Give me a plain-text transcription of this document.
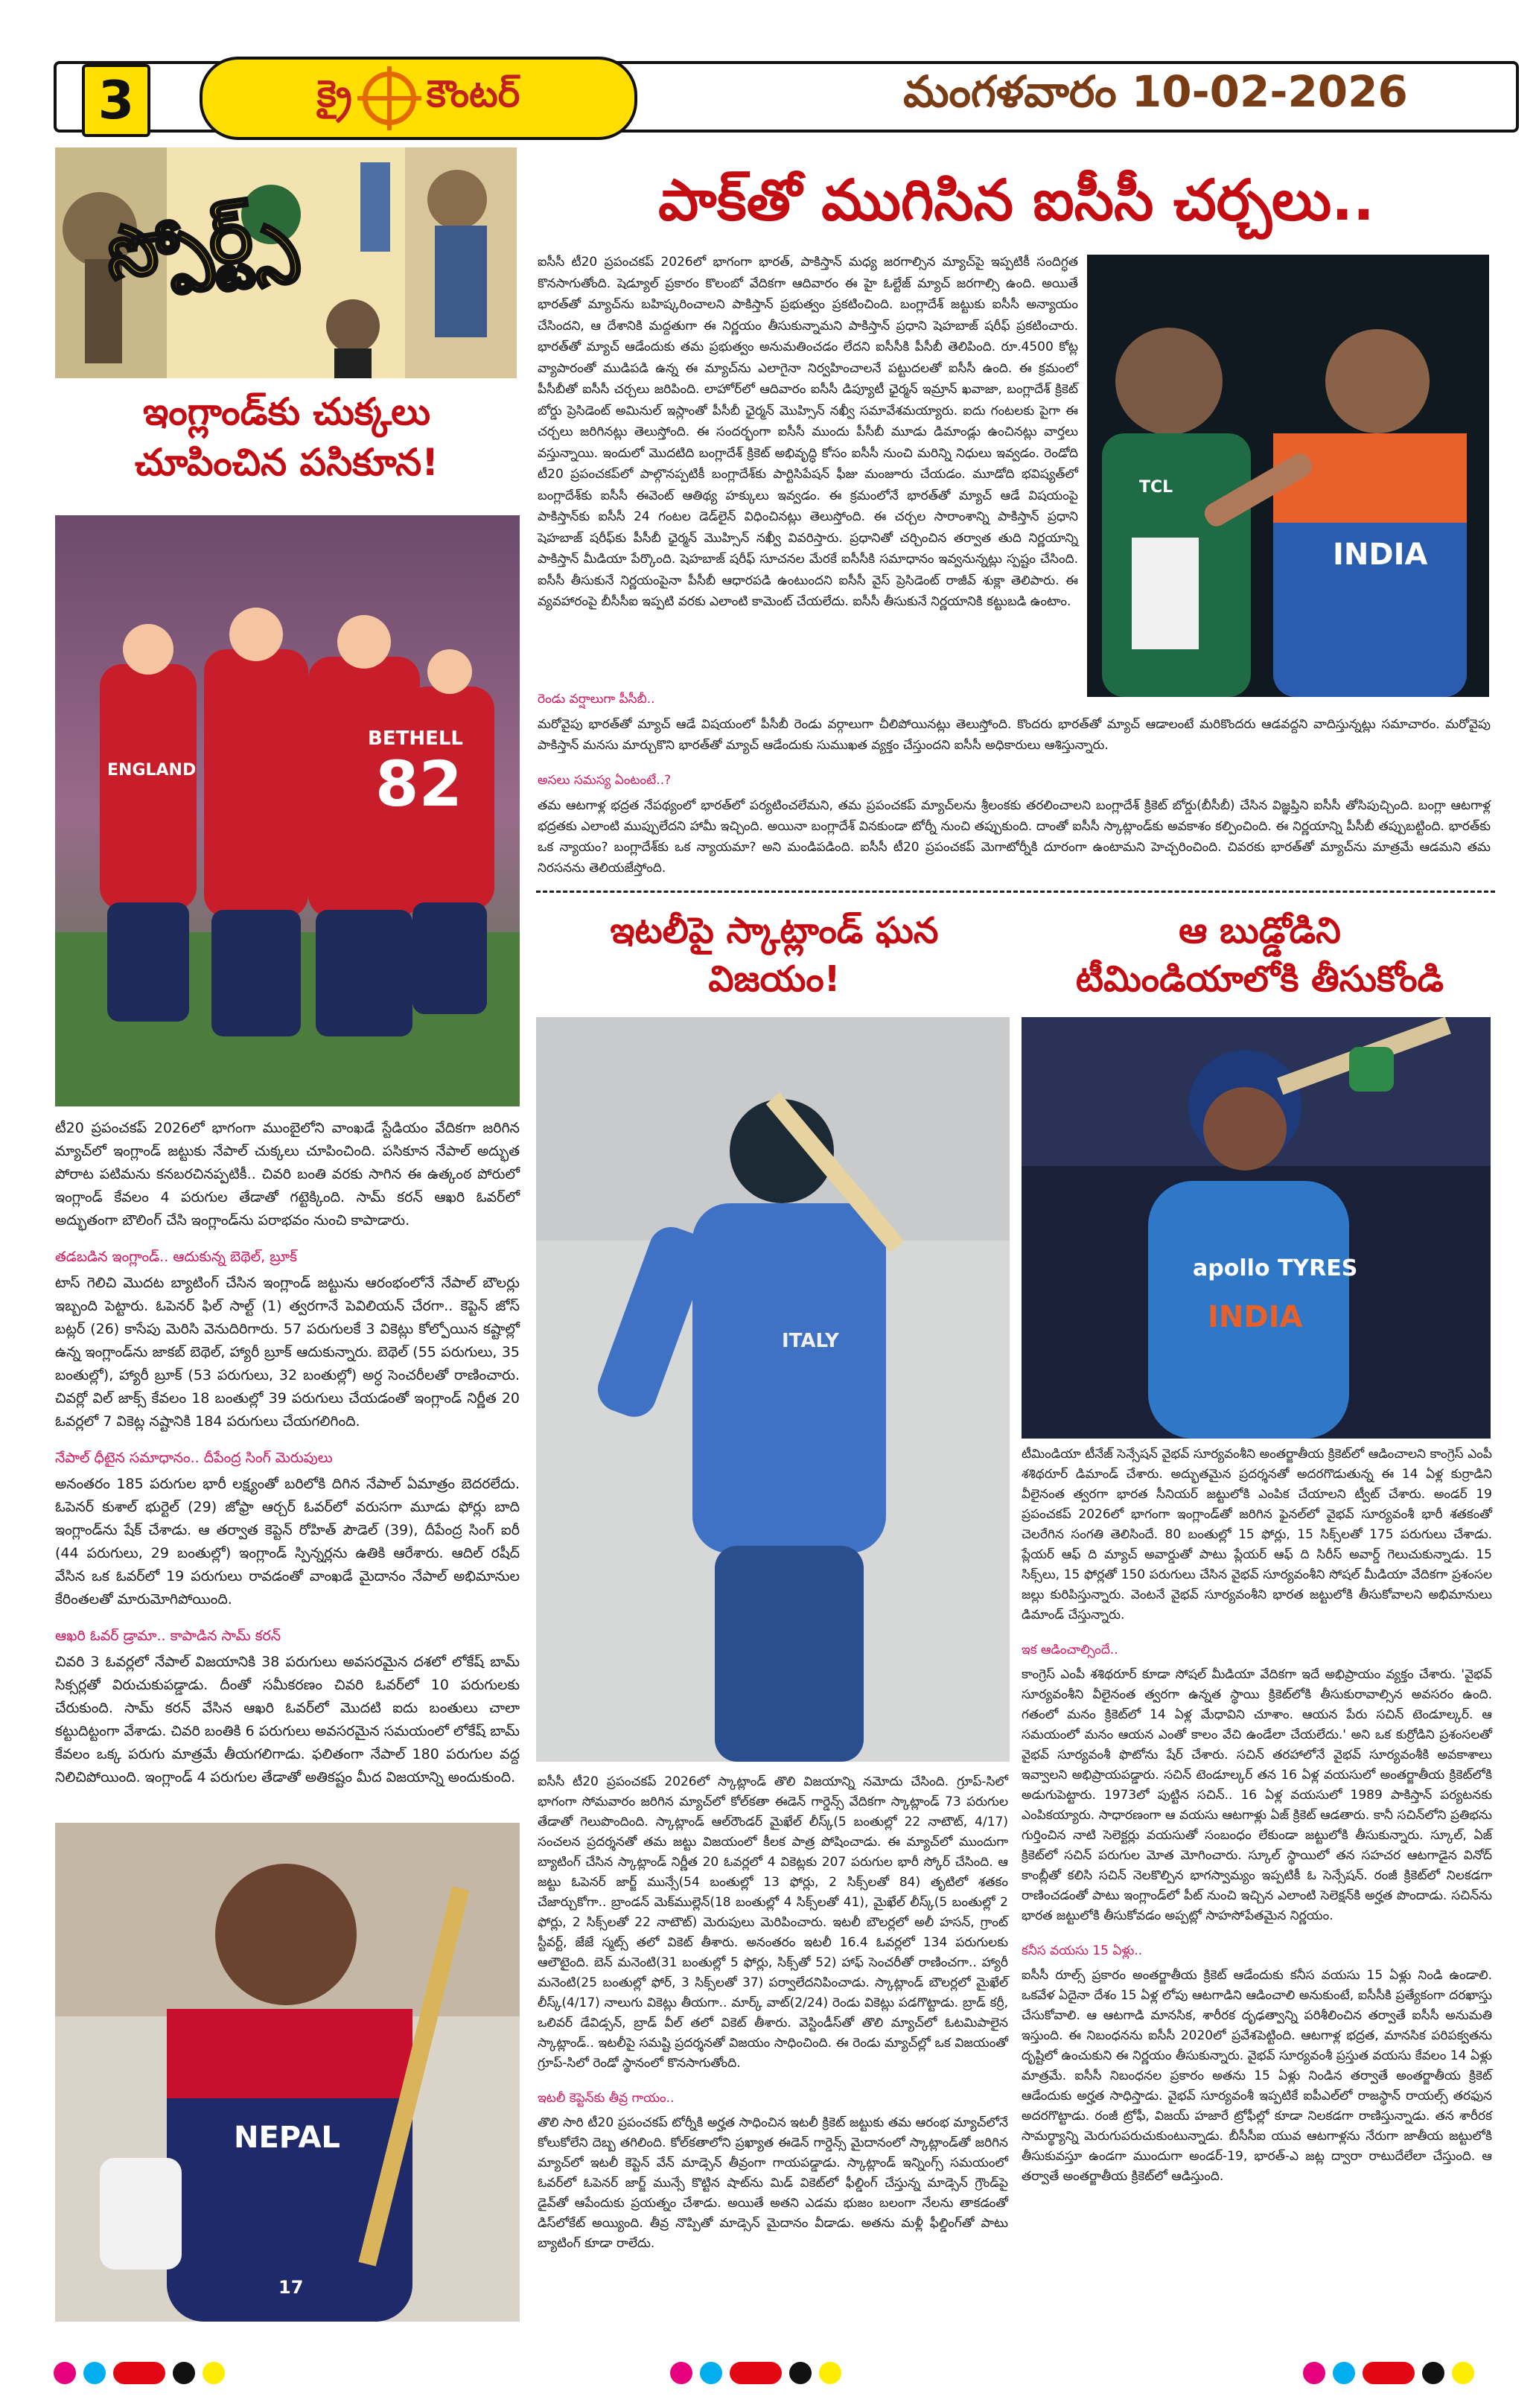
3	క్రై కౌంటర్	మంగళవారం 10-02-2026
స్పోర్ట్స్
ఇంగ్లాండ్‌కు చుక్కలు
చూపించిన పసికూన!
BETHELL
82
ENGLAND

టీ20 ప్రపంచకప్‌ 2026లో భాగంగా ముంబైలోని వాంఖడే స్టేడియం వేదికగా జరిగిన మ్యాచ్‌లో ఇంగ్లాండ్‌ జట్టుకు నేపాల్‌ చుక్కలు చూపించింది. పసికూన నేపాల్‌ అద్భుత పోరాట పటిమను కనబరచినప్పటికీ.. చివరి బంతి వరకు సాగిన ఈ ఉత్కంఠ పోరులో ఇంగ్లాండ్‌ కేవలం 4 పరుగుల తేడాతో గట్టెక్కింది. సామ్‌ కరన్‌ ఆఖరి ఓవర్‌లో అద్భుతంగా బౌలింగ్‌ చేసి ఇంగ్లాండ్‌ను పరాభవం నుంచి కాపాడారు.

తడబడిన ఇంగ్లాండ్‌.. ఆదుకున్న బెథెల్‌, బ్రూక్‌

టాస్‌ గెలిచి మొదట బ్యాటింగ్‌ చేసిన ఇంగ్లాండ్‌ జట్టును ఆరంభంలోనే నేపాల్‌ బౌలర్లు ఇబ్బంది పెట్టారు. ఓపెనర్‌ ఫిల్‌ సాల్ట్‌ (1) త్వరగానే పెవిలియన్ చేరగా.. కెప్టెన్‌ జోస్‌ బట్లర్‌ (26) కాసేపు మెరిసి వెనుదిరిగారు. 57 పరుగులకే 3 వికెట్లు కోల్పోయిన కష్టాల్లో ఉన్న ఇంగ్లాండ్‌ను జాకబ్‌ బెథెల్‌, హ్యారీ బ్రూక్‌ ఆదుకున్నారు. బెథెల్‌ (55 పరుగులు, 35 బంతుల్లో), హ్యారీ బ్రూక్‌ (53 పరుగులు, 32 బంతుల్లో) అర్ధ సెంచరీలతో రాణించారు. చివర్లో విల్‌ జాక్స్‌ కేవలం 18 బంతుల్లో 39 పరుగులు చేయడంతో ఇంగ్లాండ్‌ నిర్ణీత 20 ఓవర్లలో 7 వికెట్ల నష్టానికి 184 పరుగులు చేయగలిగింది.

నేపాల్‌ ధీటైన సమాధానం.. దీపేంద్ర సింగ్‌ మెరుపులు

అనంతరం 185 పరుగుల భారీ లక్ష్యంతో బరిలోకి దిగిన నేపాల్‌ ఏమాత్రం బెదరలేదు. ఓపెనర్‌ కుశాల్‌ భుర్టెల్‌ (29) జోఫ్రా ఆర్చర్‌ ఓవర్‌లో వరుసగా మూడు ఫోర్లు బాది ఇంగ్లాండ్‌ను షేక్‌ చేశాడు. ఆ తర్వాత కెప్టెన్‌ రోహిత్‌ పౌడెల్‌ (39), దీపేంద్ర సింగ్‌ ఐరీ (44 పరుగులు, 29 బంతుల్లో) ఇంగ్లాండ్‌ స్పిన్నర్లను ఉతికి ఆరేశారు. ఆదిల్‌ రషీద్‌ వేసిన ఒక ఓవర్‌లో 19 పరుగులు రావడంతో వాంఖడే మైదానం నేపాల్‌ అభిమానుల కేరింతలతో మారుమోగిపోయింది.

ఆఖరి ఓవర్‌ డ్రామా.. కాపాడిన సామ్‌ కరన్‌

చివరి 3 ఓవర్లలో నేపాల్‌ విజయానికి 38 పరుగులు అవసరమైన దశలో లోకేష్‌ బామ్‌ సిక్సర్లతో విరుచుకుపడ్డాడు. దీంతో సమీకరణం చివరి ఓవర్‌లో 10 పరుగులకు చేరుకుంది. సామ్‌ కరన్‌ వేసిన ఆఖరి ఓవర్‌లో మొదటి ఐదు బంతులు చాలా కట్టుదిట్టంగా వేశాడు. చివరి బంతికి 6 పరుగులు అవసరమైన సమయంలో లోకేష్‌ బామ్‌ కేవలం ఒక్క పరుగు మాత్రమే తీయగలిగాడు. ఫలితంగా నేపాల్‌ 180 పరుగుల వద్ద నిలిచిపోయింది. ఇంగ్లాండ్‌ 4 పరుగుల తేడాతో అతికష్టం మీద విజయాన్ని అందుకుంది.

NEPAL
17
పాక్‌తో ముగిసిన ఐసీసీ చర్చలు..
ఐసీసీ టీ20 ప్రపంచకప్‌ 2026లో భాగంగా భారత్‌, పాకిస్తాన్‌ మధ్య జరగాల్సిన మ్యాచ్‌పై ఇప్పటికీ సందిగ్ధత కొనసాగుతోంది. షెడ్యూల్‌ ప్రకారం కొలంబో వేదికగా ఆదివారం ఈ హై ఓల్టేజ్‌ మ్యాచ్‌ జరగాల్సి ఉంది. అయితే భారత్‌తో మ్యాచ్‌ను బహిష్కరించాలని పాకిస్తాన్‌ ప్రభుత్వం ప్రకటించింది. బంగ్లాదేశ్‌ జట్టుకు ఐసీసీ అన్యాయం చేసిందని, ఆ దేశానికి మద్దతుగా ఈ నిర్ణయం తీసుకున్నామని పాకిస్తాన్‌ ప్రధాని షెహబాజ్‌ షరీఫ్‌ ప్రకటించారు. భారత్‌తో మ్యాచ్‌ ఆడేందుకు తమ ప్రభుత్వం అనుమతించడం లేదని ఐసీసీకి పీసీబీ తెలిపింది. రూ.4500 కోట్ల వ్యాపారంతో ముడిపడి ఉన్న ఈ మ్యాచ్‌ను ఎలాగైనా నిర్వహించాలనే పట్టుదలతో ఐసీసీ ఉంది. ఈ క్రమంలో పీసీబీతో ఐసీసీ చర్చలు జరిపింది. లాహోర్‌లో ఆదివారం ఐసీసీ డిప్యూటీ ఛైర్మన్‌ ఇమ్రాన్‌ ఖవాజా, బంగ్లాదేశ్‌ క్రికెట్‌ బోర్డు ప్రెసిడెంట్‌ అమినుల్‌ ఇస్లాంతో పీసీబీ ఛైర్మన్‌ మొహ్సిన్‌ నఖ్వీ సమావేశమయ్యారు. ఐదు గంటలకు పైగా ఈ చర్చలు జరిగినట్లు తెలుస్తోంది. ఈ సందర్భంగా ఐసీసీ ముందు పీసీబీ మూడు డిమాండ్లు ఉంచినట్లు వార్తలు వస్తున్నాయి. ఇందులో మొదటిది బంగ్లాదేశ్‌ క్రికెట్‌ అభివృద్ధి కోసం ఐసీసీ నుంచి మరిన్ని నిధులు ఇవ్వడం. రెండోది టీ20 ప్రపంచకప్‌లో పాల్గొనప్పటికీ బంగ్లాదేశ్‌కు పార్టిసిపేషన్‌ ఫీజు మంజూరు చేయడం. మూడోది భవిష్యత్‌లో బంగ్లాదేశ్‌కు ఐసీసీ ఈవెంట్‌ ఆతిథ్య హక్కులు ఇవ్వడం. ఈ క్రమంలోనే భారత్‌తో మ్యాచ్‌ ఆడే విషయంపై పాకిస్తాన్‌కు ఐసీసీ 24 గంటల డెడ్‌లైన్‌ విధించినట్లు తెలుస్తోంది. ఈ చర్చల సారాంశాన్ని పాకిస్తాన్‌ ప్రధాని షెహబాజ్‌ షరీఫ్‌కు పీసీబీ ఛైర్మన్‌ మొహ్సిన్‌ నఖ్వీ వివరిస్తారు. ప్రధానితో చర్చించిన తర్వాత తుది నిర్ణయాన్ని పాకిస్తాన్‌ మీడియా పేర్కొంది. షెహబాజ్‌ షరీఫ్‌ సూచనల మేరకే ఐసీసీకి సమాధానం ఇవ్వనున్నట్లు స్పష్టం చేసింది. ఐసీసీ తీసుకునే నిర్ణయంపైనా పీసీబీ ఆధారపడి ఉంటుందని ఐసీసీ వైస్‌ ప్రెసిడెంట్‌ రాజీవ్‌ శుక్లా తెలిపారు. ఈ వ్యవహారంపై బీసీసీఐ ఇప్పటి వరకు ఎలాంటి కామెంట్‌ చేయలేదు. ఐసీసీ తీసుకునే నిర్ణయానికి కట్టుబడి ఉంటాం.
TCL
INDIA
రెండు వర్షాలుగా పీసీబీ..

మరోవైపు భారత్‌తో మ్యాచ్‌ ఆడే విషయంలో పీసీబీ రెండు వర్గాలుగా చీలిపోయినట్లు తెలుస్తోంది. కొందరు భారత్‌తో మ్యాచ్‌ ఆడాలంటే మరికొందరు ఆడవద్దని వాదిస్తున్నట్లు సమాచారం. మరోవైపు పాకిస్తాన్‌ మనసు మార్చుకొని భారత్‌తో మ్యాచ్‌ ఆడేందుకు సుముఖత వ్యక్తం చేస్తుందని ఐసీసీ అధికారులు ఆశిస్తున్నారు.

అసలు సమస్య ఏంటంటే..?

తమ ఆటగాళ్ల భద్రత నేపథ్యంలో భారత్‌లో పర్యటించలేమని, తమ ప్రపంచకప్‌ మ్యాచ్‌లను శ్రీలంకకు తరలించాలని బంగ్లాదేశ్‌ క్రికెట్‌ బోర్డు(బీసీబీ) చేసిన విజ్ఞప్తిని ఐసీసీ తోసిపుచ్చింది. బంగ్లా ఆటగాళ్ల భద్రతకు ఎలాంటి ముప్పులేదని హామీ ఇచ్చింది. అయినా బంగ్లాదేశ్‌ వినకుండా టోర్నీ నుంచి తప్పుకుంది. దాంతో ఐసీసీ స్కాట్లాండ్‌కు అవకాశం కల్పించింది. ఈ నిర్ణయాన్ని పీసీబీ తప్పుబట్టింది. భారత్‌కు ఒక న్యాయం? బంగ్లాదేశ్‌కు ఒక న్యాయమా? అని మండిపడింది. ఐసీసీ టీ20 ప్రపంచకప్‌ మెగాటోర్నీకి దూరంగా ఉంటామని హెచ్చరించింది. చివరకు భారత్‌తో మ్యాచ్‌ను మాత్రమే ఆడమని తమ నిరసనను తెలియజేస్తోంది.

ఇటలీపై స్కాట్లాండ్‌ ఘన
విజయం!
ITALY

ఐసీసీ టీ20 ప్రపంచకప్‌ 2026లో స్కాట్లాండ్‌ తొలి విజయాన్ని నమోదు చేసింది. గ్రూప్‌-సిలో భాగంగా సోమవారం జరిగిన మ్యాచ్‌లో కోల్‌కతా ఈడెన్‌ గార్డెన్స్‌ వేదికగా స్కాట్లాండ్‌ 73 పరుగుల తేడాతో గెలుపొందింది. స్కాట్లాండ్‌ ఆల్‌రౌండర్‌ మైఖేల్‌ లీస్క్‌(5 బంతుల్లో 22 నాటౌట్‌, 4/17) సంచలన ప్రదర్శనతో తమ జట్టు విజయంలో కీలక పాత్ర పోషించాడు. ఈ మ్యాచ్‌లో ముందుగా బ్యాటింగ్‌ చేసిన స్కాట్లాండ్‌ నిర్ణీత 20 ఓవర్లలో 4 వికెట్లకు 207 పరుగుల భారీ స్కోర్‌ చేసింది. ఆ జట్టు ఓపెనర్‌ జార్జ్‌ మున్సే(54 బంతుల్లో 13 ఫోర్లు, 2 సిక్స్‌లతో 84) తృటిలో శతకం చేజార్చుకోగా.. బ్రాండన్‌ మెక్‌ముల్లెన్‌(18 బంతుల్లో 4 సిక్స్‌లతో 41), మైఖేల్‌ లీస్క్‌(5 బంతుల్లో 2 ఫోర్లు, 2 సిక్స్‌లతో 22 నాటౌట్‌) మెరుపులు మెరిపించారు. ఇటలీ బౌలర్లలో అలీ హసన్‌, గ్రాంట్‌ స్టీవర్ట్‌, జేజే స్మట్స్‌ తలో వికెట్‌ తీశారు. అనంతరం ఇటలీ 16.4 ఓవర్లలో 134 పరుగులకు ఆలౌటైంది. బెన్‌ మనెంటి(31 బంతుల్లో 5 ఫోర్లు, సిక్స్‌తో 52) హాఫ్‌ సెంచరీతో రాణించగా.. హ్యారీ మనెంటి(25 బంతుల్లో ఫోర్‌, 3 సిక్స్‌లతో 37) పర్వాలేదనిపించాడు. స్కాట్లాండ్‌ బౌలర్లలో మైఖేల్‌ లీస్క్‌(4/17) నాలుగు వికెట్లు తీయగా.. మార్క్‌ వాట్‌(2/24) రెండు వికెట్లు పడగొట్టాడు. బ్రాడ్‌ కర్రీ, ఒలివర్‌ డేవిడ్సన్‌, బ్రాడ్‌ వీల్‌ తలో వికెట్‌ తీశారు. వెస్టిండీస్‌తో తొలి మ్యాచ్‌లో ఓటమిపాలైన స్కాట్లాండ్‌.. ఇటలీపై సమష్టి ప్రదర్శనతో విజయం సాధించింది. ఈ రెండు మ్యాచ్‌ల్లో ఒక విజయంతో గ్రూప్‌-సిలో రెండో స్థానంలో కొనసాగుతోంది.

ఇటలీ కెప్టెన్‌కు తీవ్ర గాయం..

తొలి సారి టీ20 ప్రపంచకప్‌ టోర్నీకి అర్హత సాధించిన ఇటలీ క్రికెట్‌ జట్టుకు తమ ఆరంభ మ్యాచ్‌లోనే కోలుకోలేని దెబ్బ తగిలింది. కోల్‌కతాలోని ప్రఖ్యాత ఈడెన్‌ గార్డెన్స్‌ మైదానంలో స్కాట్లాండ్‌తో జరిగిన మ్యాచ్‌లో ఇటలీ కెప్టెన్‌ వేన్‌ మాడ్సెన్‌ తీవ్రంగా గాయపడ్డాడు. స్కాట్లాండ్‌ ఇన్నింగ్స్‌ సమయంలో ఓవర్‌లో ఓపెనర్‌ జార్జ్‌ మున్సే కొట్టిన షాట్‌ను మిడ్‌ వికెట్‌లో ఫీల్డింగ్‌ చేస్తున్న మాడ్సెన్‌ గ్రౌండ్‌పై డైవ్‌తో ఆపేందుకు ప్రయత్నం చేశాడు. అయితే అతని ఎడమ భుజం బలంగా నేలను తాకడంతో డిస్‌లోకేట్‌ అయ్యింది. తీవ్ర నొప్పితో మాడ్సెన్‌ మైదానం వీడాడు. అతను మళ్లీ ఫీల్డింగ్‌తో పాటు బ్యాటింగ్‌ కూడా రాలేదు.

ఆ బుడ్డోడిని
టీమిండియాలోకి తీసుకోండి
apollo TYRES
INDIA

టీమిండియా టీనేజ్‌ సెన్సేషన్‌ వైభవ్‌ సూర్యవంశీని అంతర్జాతీయ క్రికెట్‌లో ఆడించాలని కాంగ్రెస్‌ ఎంపీ శశిథరూర్‌ డిమాండ్‌ చేశారు. అద్భుతమైన ప్రదర్శనతో అదరగొడుతున్న ఈ 14 ఏళ్ల కుర్రాడిని వీలైనంత త్వరగా భారత సీనియర్‌ జట్టులోకి ఎంపిక చేయాలని ట్వీట్‌ చేశారు. అండర్‌ 19 ప్రపంచకప్‌ 2026లో భాగంగా ఇంగ్లాండ్‌తో జరిగిన ఫైనల్‌లో వైభవ్‌ సూర్యవంశీ భారీ శతకంతో చెలరేగిన సంగతి తెలిసిందే. 80 బంతుల్లో 15 ఫోర్లు, 15 సిక్స్‌లతో 175 పరుగులు చేశాడు. ప్లేయర్‌ ఆఫ్‌ ది మ్యాచ్‌ అవార్డుతో పాటు ప్లేయర్‌ ఆఫ్‌ ది సిరీస్‌ అవార్డ్‌ గెలుచుకున్నాడు. 15 సిక్స్‌లు, 15 ఫోర్లతో 150 పరుగులు చేసిన వైభవ్‌ సూర్యవంశీని సోషల్‌ మీడియా వేదికగా ప్రశంసల జల్లు కురిపిస్తున్నారు. వెంటనే వైభవ్‌ సూర్యవంశీని భారత జట్టులోకి తీసుకోవాలని అభిమానులు డిమాండ్‌ చేస్తున్నారు.

ఇక ఆడించాల్సిందే..

కాంగ్రెస్‌ ఎంపీ శశిథరూర్‌ కూడా సోషల్‌ మీడియా వేదికగా ఇదే అభిప్రాయం వ్యక్తం చేశారు. 'వైభవ్‌ సూర్యవంశీని వీలైనంత త్వరగా ఉన్నత స్థాయి క్రికెట్‌లోకి తీసుకురావాల్సిన అవసరం ఉంది. గతంలో మనం క్రికెట్‌లో 14 ఏళ్ల మేధావిని చూశాం. ఆయన పేరు సచిన్‌ టెండూల్కర్‌. ఆ సమయంలో మనం ఆయన ఎంతో కాలం వేచి ఉండేలా చేయలేదు.' అని ఒక కుర్రోడిని ప్రశంసలతో వైభవ్‌ సూర్యవంశీ ఫొటోను షేర్‌ చేశారు. సచిన్‌ తరహాలోనే వైభవ్‌ సూర్యవంశీకి అవకాశాలు ఇవ్వాలని అభిప్రాయపడ్డారు. సచిన్‌ టెండూల్కర్‌ తన 16 ఏళ్ల వయసులో అంతర్జాతీయ క్రికెట్‌లోకి అడుగుపెట్టారు. 1973లో పుట్టిన సచిన్‌.. 16 ఏళ్ల వయసులో 1989 పాకిస్తాన్‌ పర్యటనకు ఎంపికయ్యారు. సాధారణంగా ఆ వయసు ఆటగాళ్లు ఏజ్‌ క్రికెట్‌ ఆడతారు. కానీ సచిన్‌లోని ప్రతిభను గుర్తించిన నాటి సెలెక్టర్లు వయసుతో సంబంధం లేకుండా జట్టులోకి తీసుకున్నారు. స్కూల్‌, ఏజ్‌ క్రికెట్‌లో సచిన్‌ పరుగుల మోత మోగించారు. స్కూల్‌ స్థాయిలో తన సహచర ఆటగాడైన వినోద్‌ కాంబ్లీతో కలిసి సచిన్‌ నెలకొల్పిన భాగస్వామ్యం ఇప్పటికీ ఓ సెన్సేషన్‌. రంజీ క్రికెట్‌లో నిలకడగా రాణించడంతో పాటు ఇంగ్లాండ్‌లో పీట్‌ నుంచి ఇచ్చిన ఎలాంటి సెలెక్షన్‌కి అర్హత పొందాడు. సచిన్‌ను భారత జట్టులోకి తీసుకోవడం అప్పట్లో సాహసోపేతమైన నిర్ణయం.

కనీస వయసు 15 ఏళ్లు..

ఐసీసీ రూల్స్‌ ప్రకారం అంతర్జాతీయ క్రికెట్‌ ఆడేందుకు కనీస వయసు 15 ఏళ్లు నిండి ఉండాలి. ఒకవేళ ఏదైనా దేశం 15 ఏళ్ల లోపు ఆటగాడిని ఆడించాలి అనుకుంటే, ఐసీసీకి ప్రత్యేకంగా దరఖాస్తు చేసుకోవాలి. ఆ ఆటగాడి మానసిక, శారీరక దృఢత్వాన్ని పరిశీలించిన తర్వాతే ఐసీసీ అనుమతి ఇస్తుంది. ఈ నిబంధనను ఐసీసీ 2020లో ప్రవేశపెట్టింది. ఆటగాళ్ల భద్రత, మానసిక పరిపక్వతను దృష్టిలో ఉంచుకుని ఈ నిర్ణయం తీసుకున్నారు. వైభవ్‌ సూర్యవంశీ ప్రస్తుత వయసు కేవలం 14 ఏళ్లు మాత్రమే. ఐసీసీ నిబంధనల ప్రకారం అతను 15 ఏళ్లు నిండిన తర్వాతే అంతర్జాతీయ క్రికెట్‌ ఆడేందుకు అర్హత సాధిస్తాడు. వైభవ్‌ సూర్యవంశీ ఇప్పటికే ఐపీఎల్‌లో రాజస్థాన్‌ రాయల్స్‌ తరఫున అదరగొట్టాడు. రంజీ ట్రోఫీ, విజయ్‌ హజారే ట్రోఫీల్లో కూడా నిలకడగా రాణిస్తున్నాడు. తన శారీరక సామర్థ్యాన్ని మెరుగుపరుచుకుంటున్నాడు. బీసీసీఐ యువ ఆటగాళ్లను నేరుగా జాతీయ జట్టులోకి తీసుకువస్తూ ఉండగా ముందుగా అండర్‌-19, భారత్‌-ఎ జట్ల ద్వారా రాటుదేలేలా చేస్తుంది. ఆ తర్వాతే అంతర్జాతీయ క్రికెట్‌లో ఆడిస్తుంది.
